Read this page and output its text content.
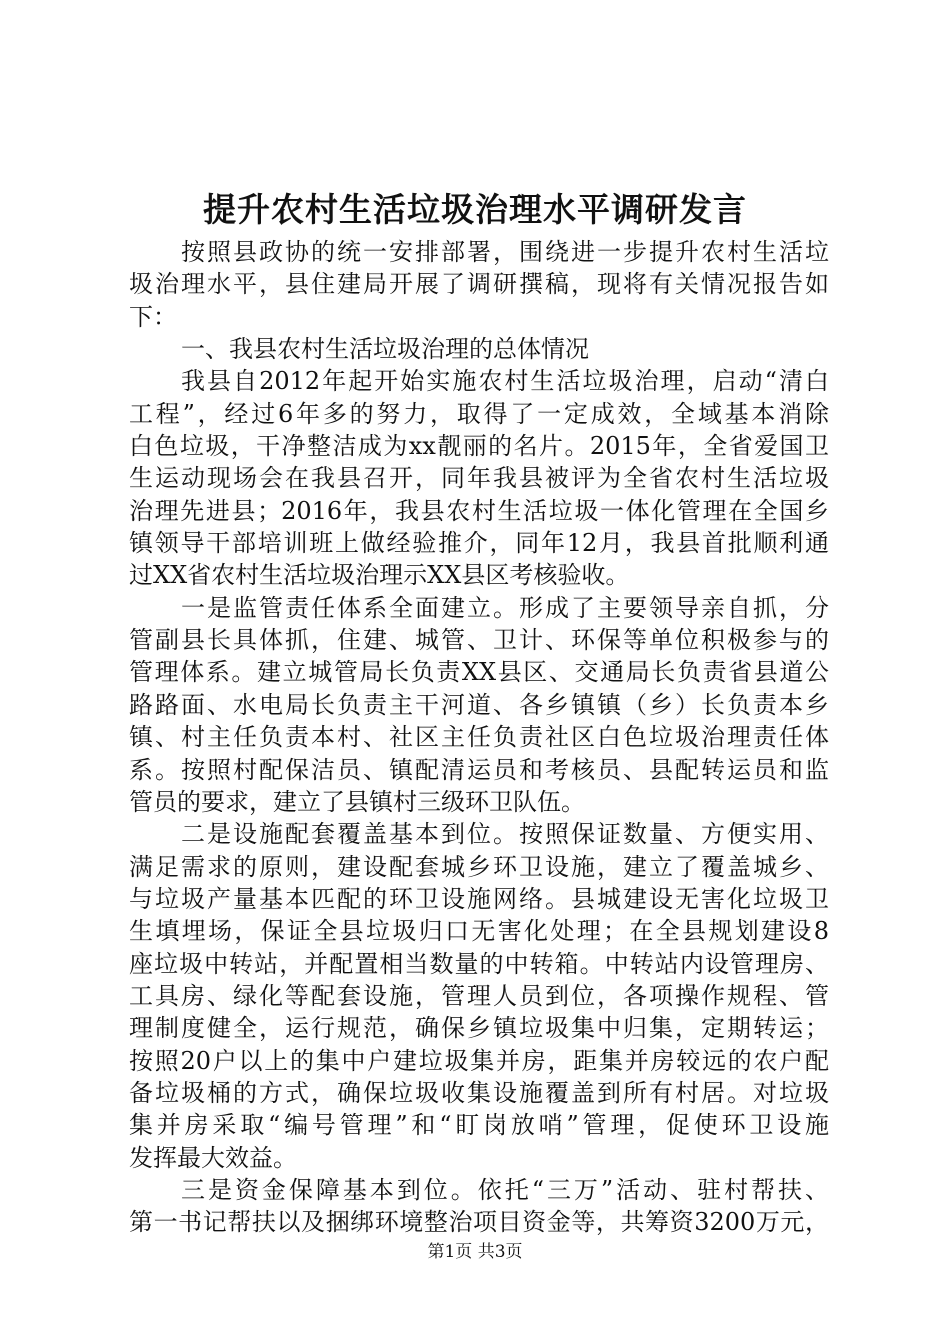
提升农村生活垃圾治理水平调研发言
按照县政协的统一安排部署，围绕进一步提升农村生活垃
圾治理水平，县住建局开展了调研撰稿，现将有关情况报告如
下：
一、我县农村生活垃圾治理的总体情况
我县自2012年起开始实施农村生活垃圾治理，启动“清白
工程”，经过6年多的努力，取得了一定成效，全域基本消除
白色垃圾，干净整洁成为xx靓丽的名片。2015年，全省爱国卫
生运动现场会在我县召开，同年我县被评为全省农村生活垃圾
治理先进县；2016年，我县农村生活垃圾一体化管理在全国乡
镇领导干部培训班上做经验推介，同年12月，我县首批顺利通
过XX省农村生活垃圾治理示XX县区考核验收。
一是监管责任体系全面建立。形成了主要领导亲自抓，分
管副县长具体抓，住建、城管、卫计、环保等单位积极参与的
管理体系。建立城管局长负责XX县区、交通局长负责省县道公
路路面、水电局长负责主干河道、各乡镇镇（乡）长负责本乡
镇、村主任负责本村、社区主任负责社区白色垃圾治理责任体
系。按照村配保洁员、镇配清运员和考核员、县配转运员和监
管员的要求，建立了县镇村三级环卫队伍。
二是设施配套覆盖基本到位。按照保证数量、方便实用、
满足需求的原则，建设配套城乡环卫设施，建立了覆盖城乡、
与垃圾产量基本匹配的环卫设施网络。县城建设无害化垃圾卫
生填埋场，保证全县垃圾归口无害化处理；在全县规划建设8
座垃圾中转站，并配置相当数量的中转箱。中转站内设管理房、
工具房、绿化等配套设施，管理人员到位，各项操作规程、管
理制度健全，运行规范，确保乡镇垃圾集中归集，定期转运；
按照20户以上的集中户建垃圾集并房，距集并房较远的农户配
备垃圾桶的方式，确保垃圾收集设施覆盖到所有村居。对垃圾
集并房采取“编号管理”和“盯岗放哨”管理，促使环卫设施
发挥最大效益。
三是资金保障基本到位。依托“三万”活动、驻村帮扶、
第一书记帮扶以及捆绑环境整治项目资金等，共筹资3200万元，
第1页 共3页
